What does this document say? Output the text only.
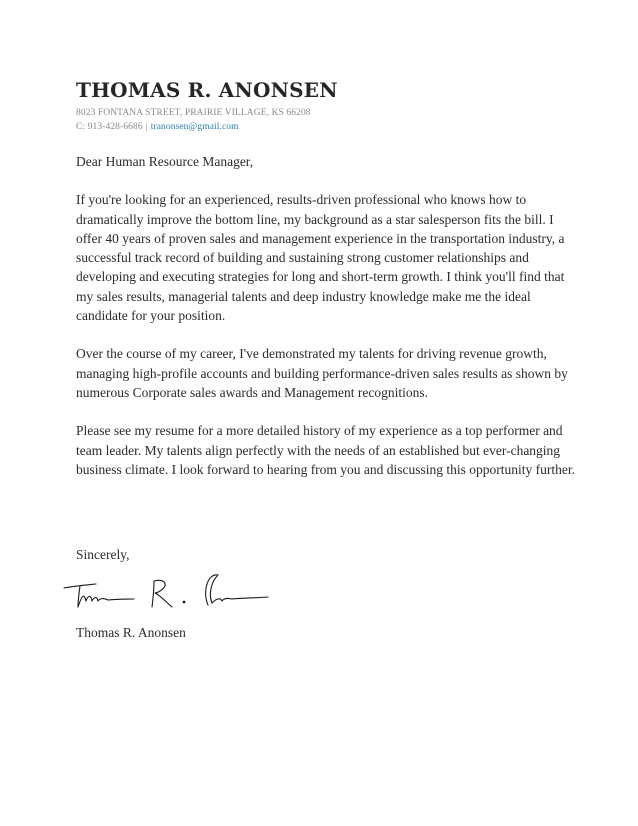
THOMAS R. ANONSEN
8023 FONTANA STREET, PRAIRIE VILLAGE, KS 66208
C: 913-428-6686 | tranonsen@gmail.com

Dear Human Resource Manager,

If you're looking for an experienced, results-driven professional who knows how to dramatically improve the bottom line, my background as a star salesperson fits the bill. I offer 40 years of proven sales and management experience in the transportation industry, a successful track record of building and sustaining strong customer relationships and developing and executing strategies for long and short-term growth. I think you'll find that my sales results, managerial talents and deep industry knowledge make me the ideal candidate for your position.

Over the course of my career, I've demonstrated my talents for driving revenue growth, managing high-profile accounts and building performance-driven sales results as shown by numerous Corporate sales awards and Management recognitions.

Please see my resume for a more detailed history of my experience as a top performer and team leader. My talents align perfectly with the needs of an established but ever-changing business climate. I look forward to hearing from you and discussing this opportunity further.

Sincerely,
Thomas R. Anonsen
